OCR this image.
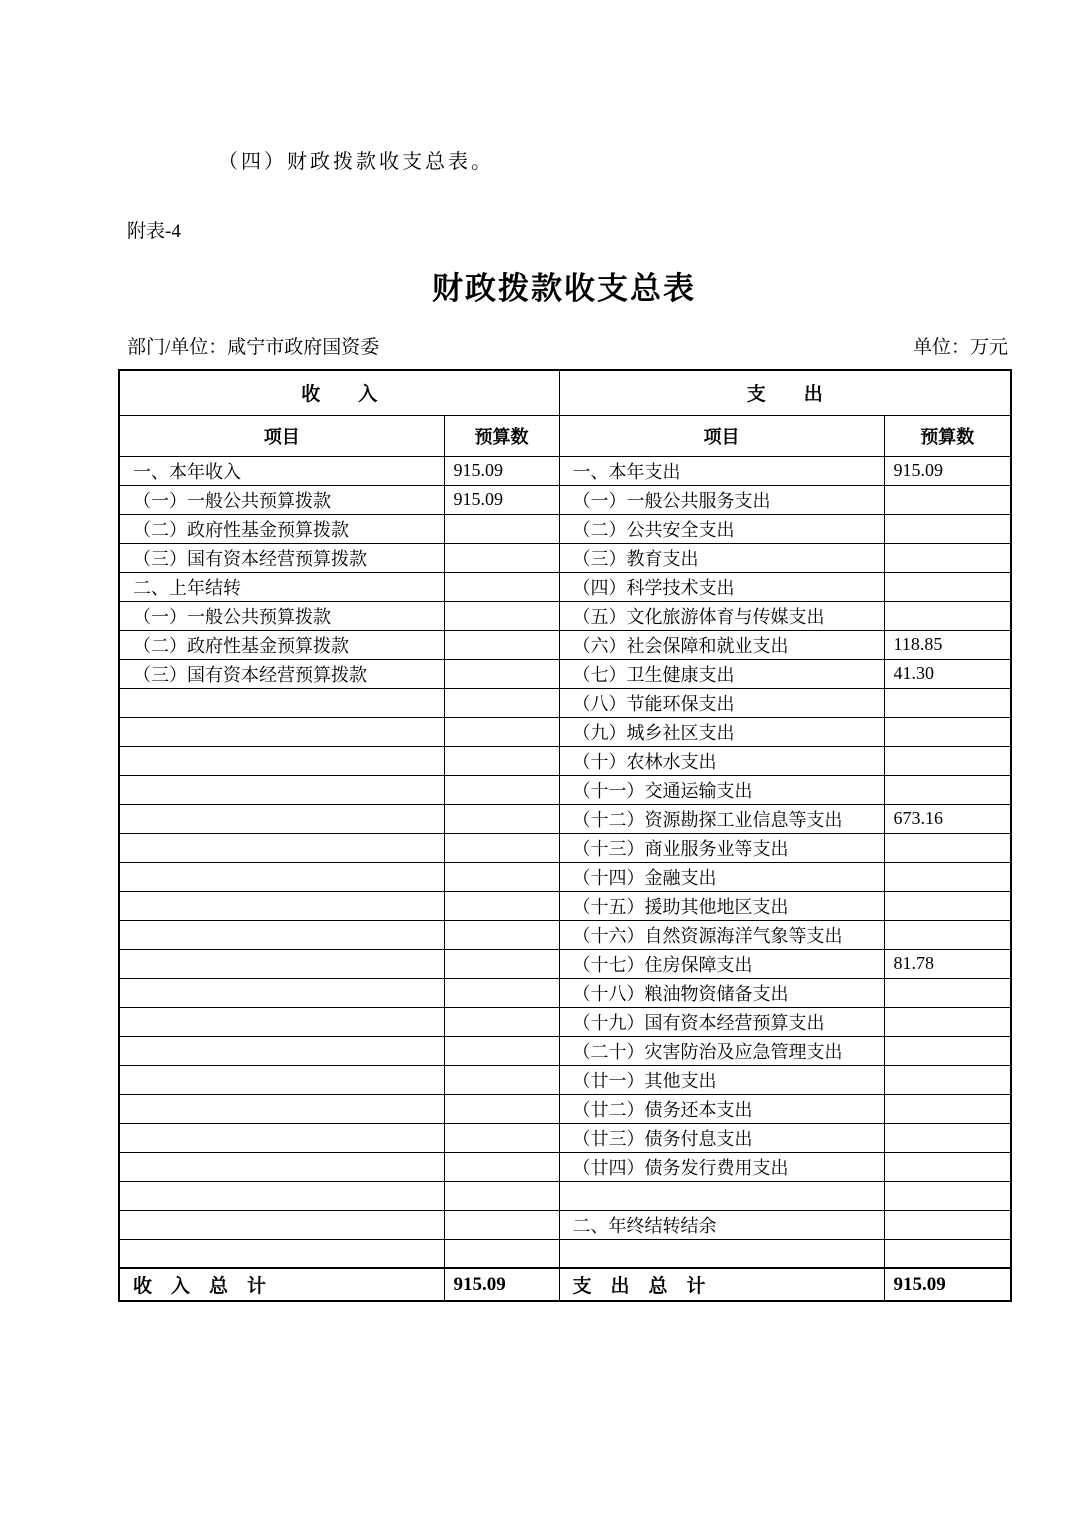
（四）财政拨款收支总表。

附表-4

财政拨款收支总表
部门/单位：咸宁市政府国资委	单位：万元
收　　入		支　　出	
项目	预算数	项目	预算数
一、本年收入	915.09	一、本年支出	915.09
（一）一般公共预算拨款	915.09	（一）一般公共服务支出	
（二）政府性基金预算拨款		（二）公共安全支出	
（三）国有资本经营预算拨款		（三）教育支出	
二、上年结转		（四）科学技术支出	
（一）一般公共预算拨款		（五）文化旅游体育与传媒支出	
（二）政府性基金预算拨款		（六）社会保障和就业支出	118.85
（三）国有资本经营预算拨款		（七）卫生健康支出	41.30
		（八）节能环保支出	
		（九）城乡社区支出	
		（十）农林水支出	
		（十一）交通运输支出	
		（十二）资源勘探工业信息等支出	673.16
		（十三）商业服务业等支出	
		（十四）金融支出	
		（十五）援助其他地区支出	
		（十六）自然资源海洋气象等支出	
		（十七）住房保障支出	81.78
		（十八）粮油物资储备支出	
		（十九）国有资本经营预算支出	
		（二十）灾害防治及应急管理支出	
		（廿一）其他支出	
		（廿二）债务还本支出	
		（廿三）债务付息支出	
		（廿四）债务发行费用支出	

		二、年终结转结余	

收　入　总　计	915.09	支　出　总　计	915.09
